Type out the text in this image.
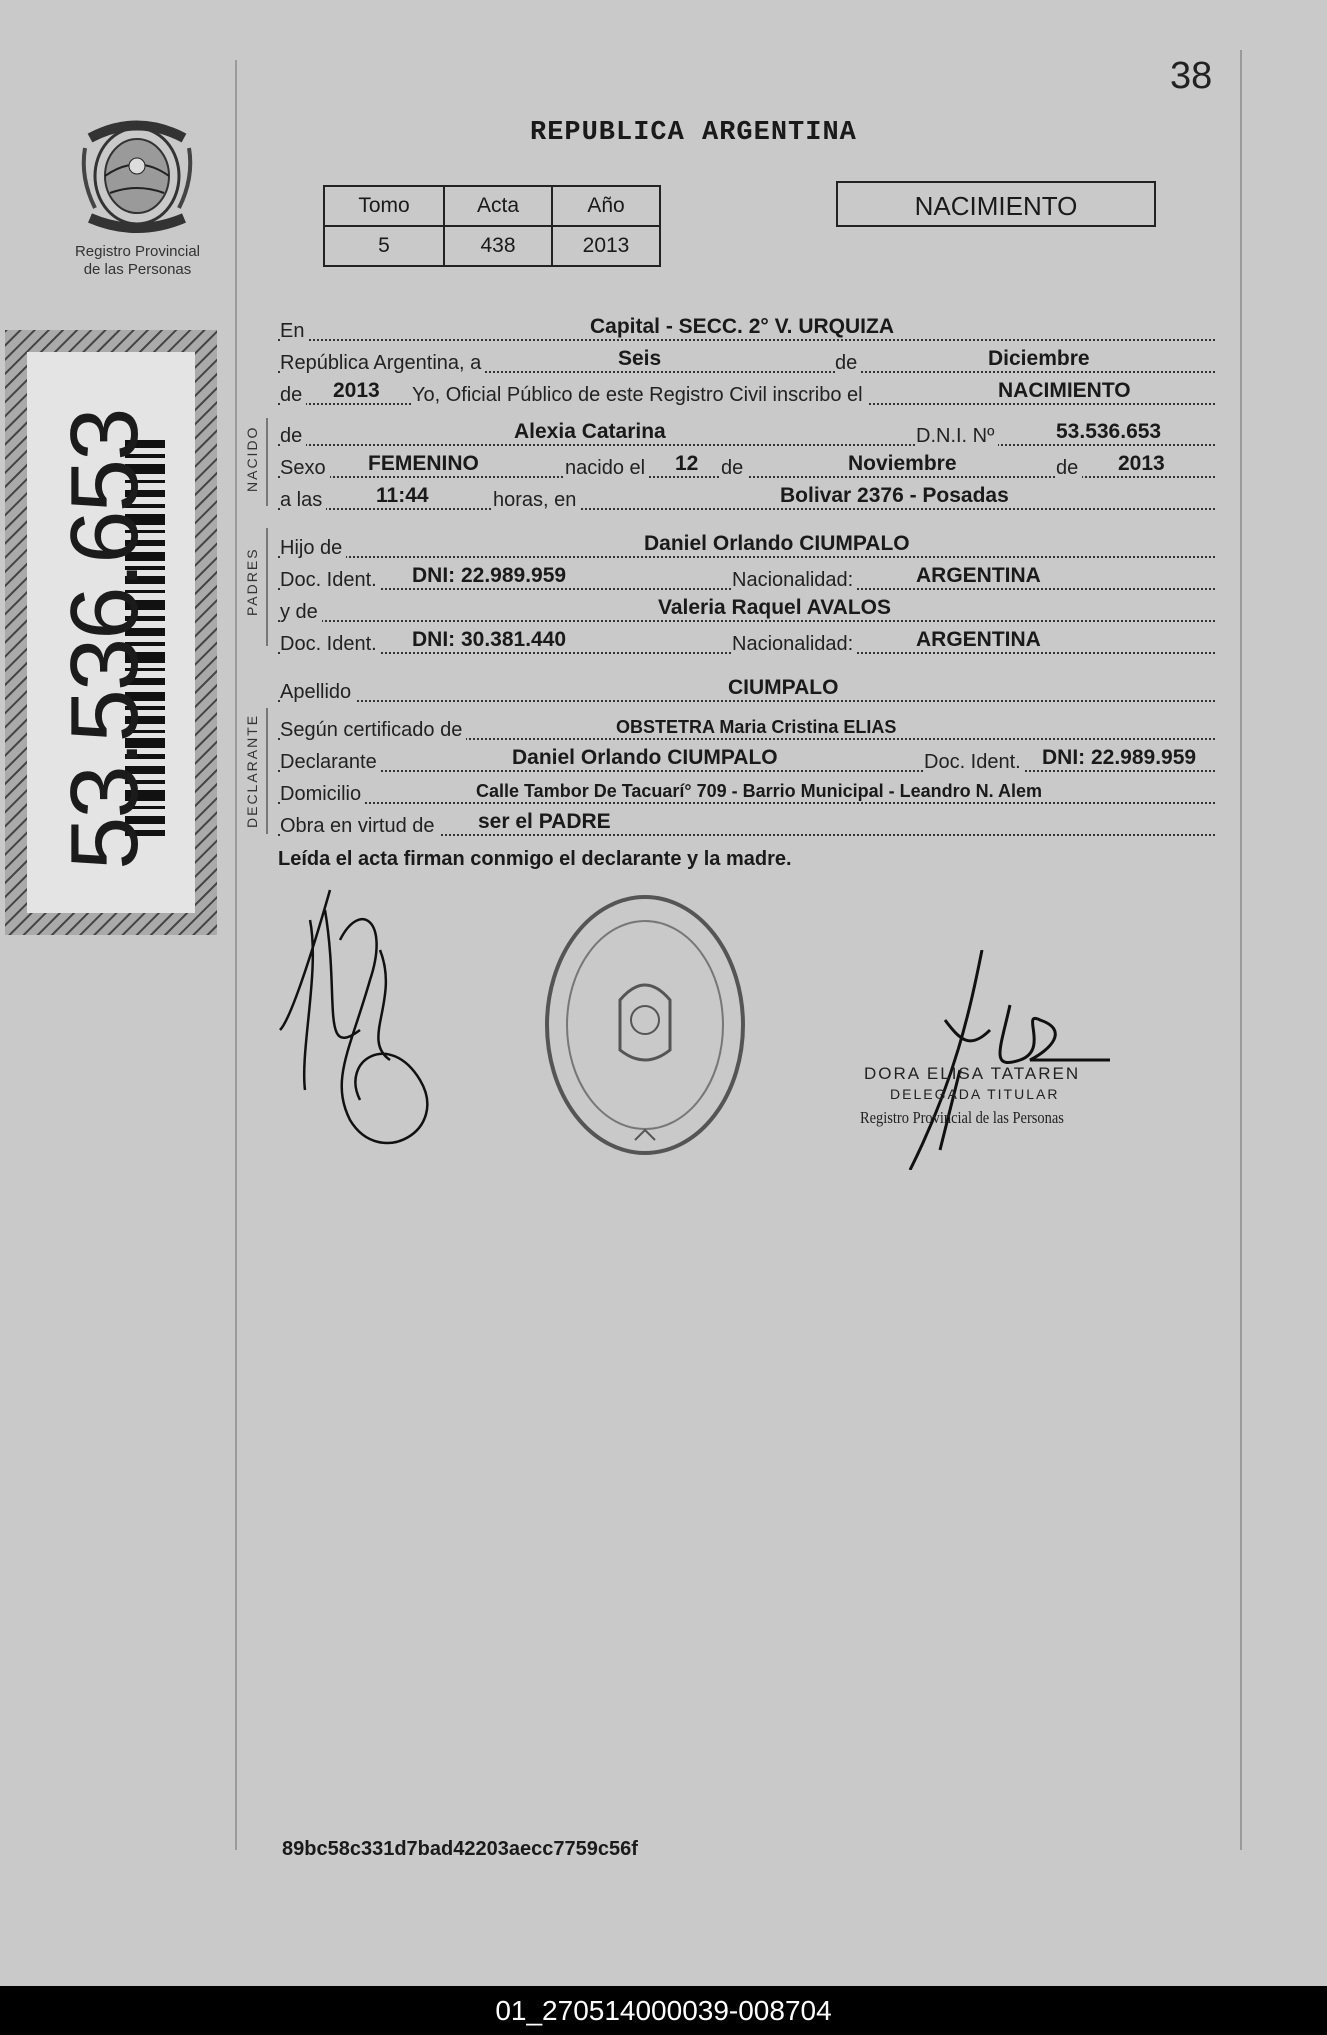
38
Registro Provincial
de las Personas
53.536.653
REPUBLICA ARGENTINA
Tomo	Acta	Año
5	438	2013
NACIMIENTO
En	Capital - SECC. 2° V. URQUIZA
República Argentina, a	Seis	de	Diciembre
de 2013 Yo, Oficial Público de este Registro Civil inscribo el	NACIMIENTO
de	Alexia Catarina	D.N.I. Nº	53.536.653
Sexo FEMENINO	nacido el 12 de	Noviembre	de 2013
a las	11:44	horas, en	Bolivar 2376 - Posadas
Hijo de	Daniel Orlando CIUMPALO
Doc. Ident. DNI: 22.989.959	Nacionalidad:	ARGENTINA
y de	Valeria Raquel AVALOS
Doc. Ident. DNI: 30.381.440	Nacionalidad:	ARGENTINA
Apellido	CIUMPALO
Según certificado de	OBSTETRA Maria Cristina ELIAS
Declarante	Daniel Orlando CIUMPALO	Doc. Ident. DNI: 22.989.959
Domicilio	Calle Tambor De Tacuarí° 709 - Barrio Municipal - Leandro N. Alem
Obra en virtud de ser el PADRE
NACIDO
PADRES
DECLARANTE
Leída el acta firman conmigo el declarante y la madre.
DORA ELISA TATAREN
DELEGADA TITULAR
Registro Provincial de las Personas
89bc58c331d7bad42203aecc7759c56f
01_270514000039-008704
